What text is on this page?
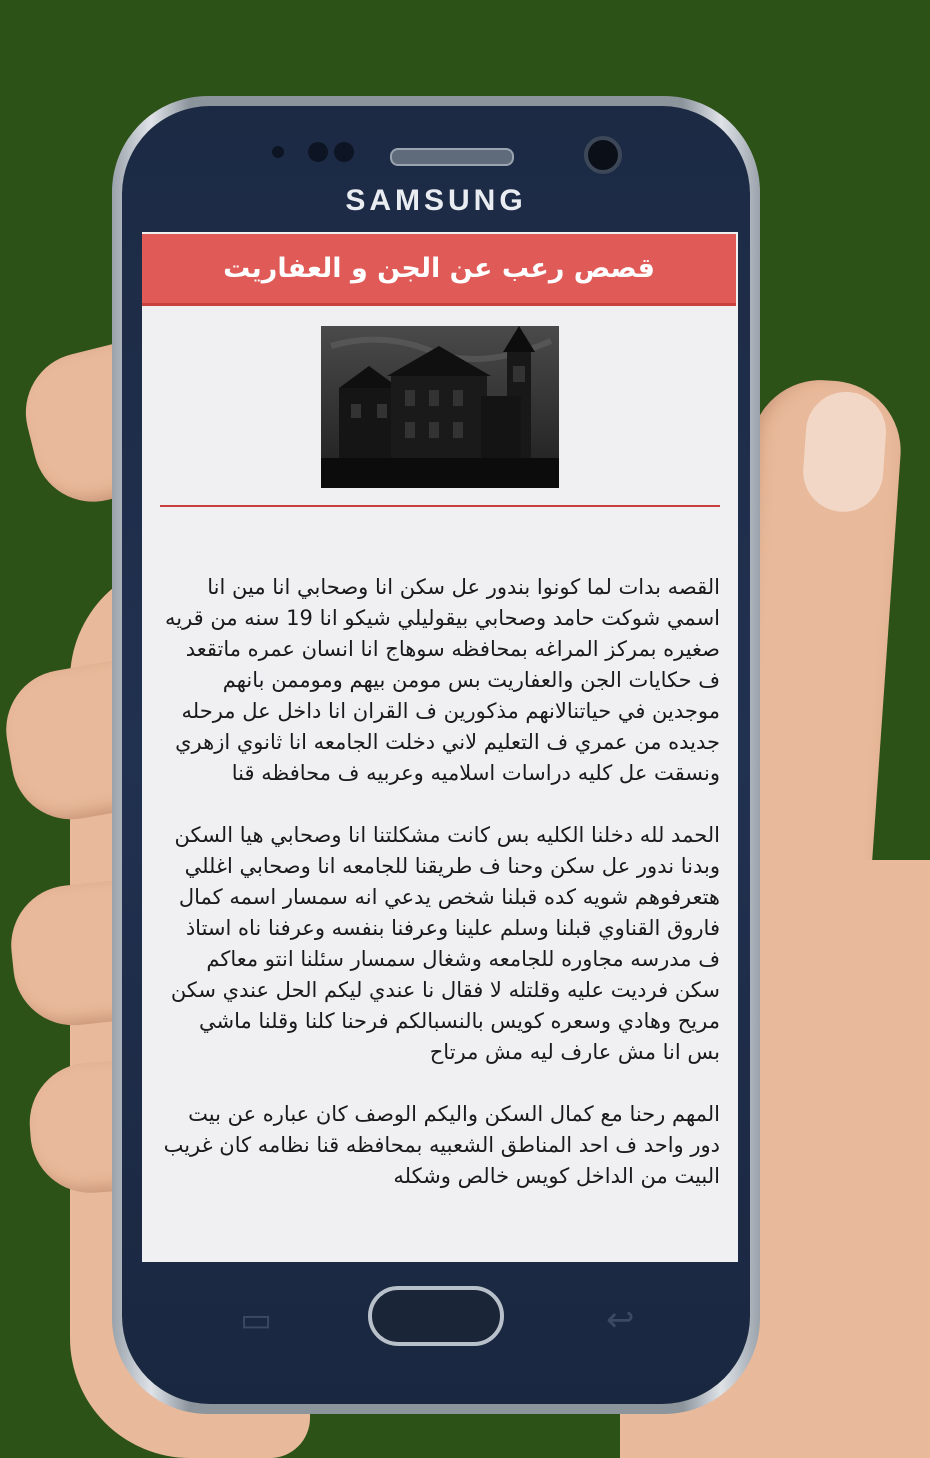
SAMSUNG
▭	↩
قصص رعب عن الجن و العفاريت

القصه بدات لما كونوا بندور عل سكن انا وصحابي انا مين انا اسمي شوكت حامد وصحابي بيقوليلي شيكو انا 19 سنه من قريه صغيره بمركز المراغه بمحافظه سوهاج انا انسان عمره ماتقعد ف حكايات الجن والعفاريت بس مومن بيهم وموممن بانهم موجدين في حياتنالانهم مذكورين ف القران انا داخل عل مرحله جديده من عمري ف التعليم لاني دخلت الجامعه انا ثانوي ازهري ونسقت عل كليه دراسات اسلاميه وعربيه ف محافظه قنا

الحمد لله دخلنا الكليه بس كانت مشكلتنا انا وصحابي هيا السكن وبدنا ندور عل سكن وحنا ف طريقنا للجامعه انا وصحابي اغللي هتعرفوهم شويه كده قبلنا شخص يدعي انه سمسار اسمه كمال فاروق القناوي قبلنا وسلم علينا وعرفنا بنفسه وعرفنا ناه استاذ ف مدرسه مجاوره للجامعه وشغال سمسار سئلنا انتو معاكم سكن فرديت عليه وقلتله لا فقال نا عندي ليكم الحل عندي سكن مريح وهادي وسعره كويس بالنسبالكم فرحنا كلنا وقلنا ماشي بس انا مش عارف ليه مش مرتاح

المهم رحنا مع كمال السكن واليكم الوصف كان عباره عن بيت دور واحد ف احد المناطق الشعبيه بمحافظه قنا نظامه كان غريب البيت من الداخل كويس خالص وشكله
